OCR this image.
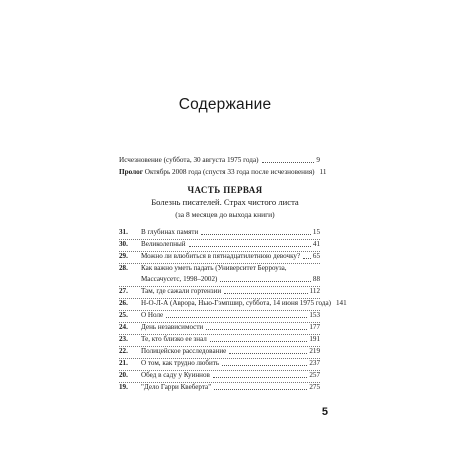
Содержание
Исчезновение (суббота, 30 августа 1975 года)	9
Пролог Октябрь 2008 года (спустя 33 года после исчезновения) 11
ЧАСТЬ ПЕРВАЯ
Болезнь писателей. Страх чистого листа
(за 8 месяцев до выхода книги)
31. В глубинах памяти	15
30. Великолепный	41
29. Можно ли влюбиться в пятнадцатилетнюю девочку? 65
28. Как важно уметь падать (Университет Берроуза,
Массачусетс, 1998–2002)	88
27. Там, где сажали гортензии	112
26. Н-О-Л-А (Аврора, Нью-Гэмпшир, суббота, 14 июня 1975 года) 141
25. О Ноле	153
24. День независимости	177
23. Те, кто близко ее знал	191
22. Полицейское расследование	219
21. О том, как трудно любить	237
20. Обед в саду у Куиннов	257
19. "Дело Гарри Квеберта"	275
5
